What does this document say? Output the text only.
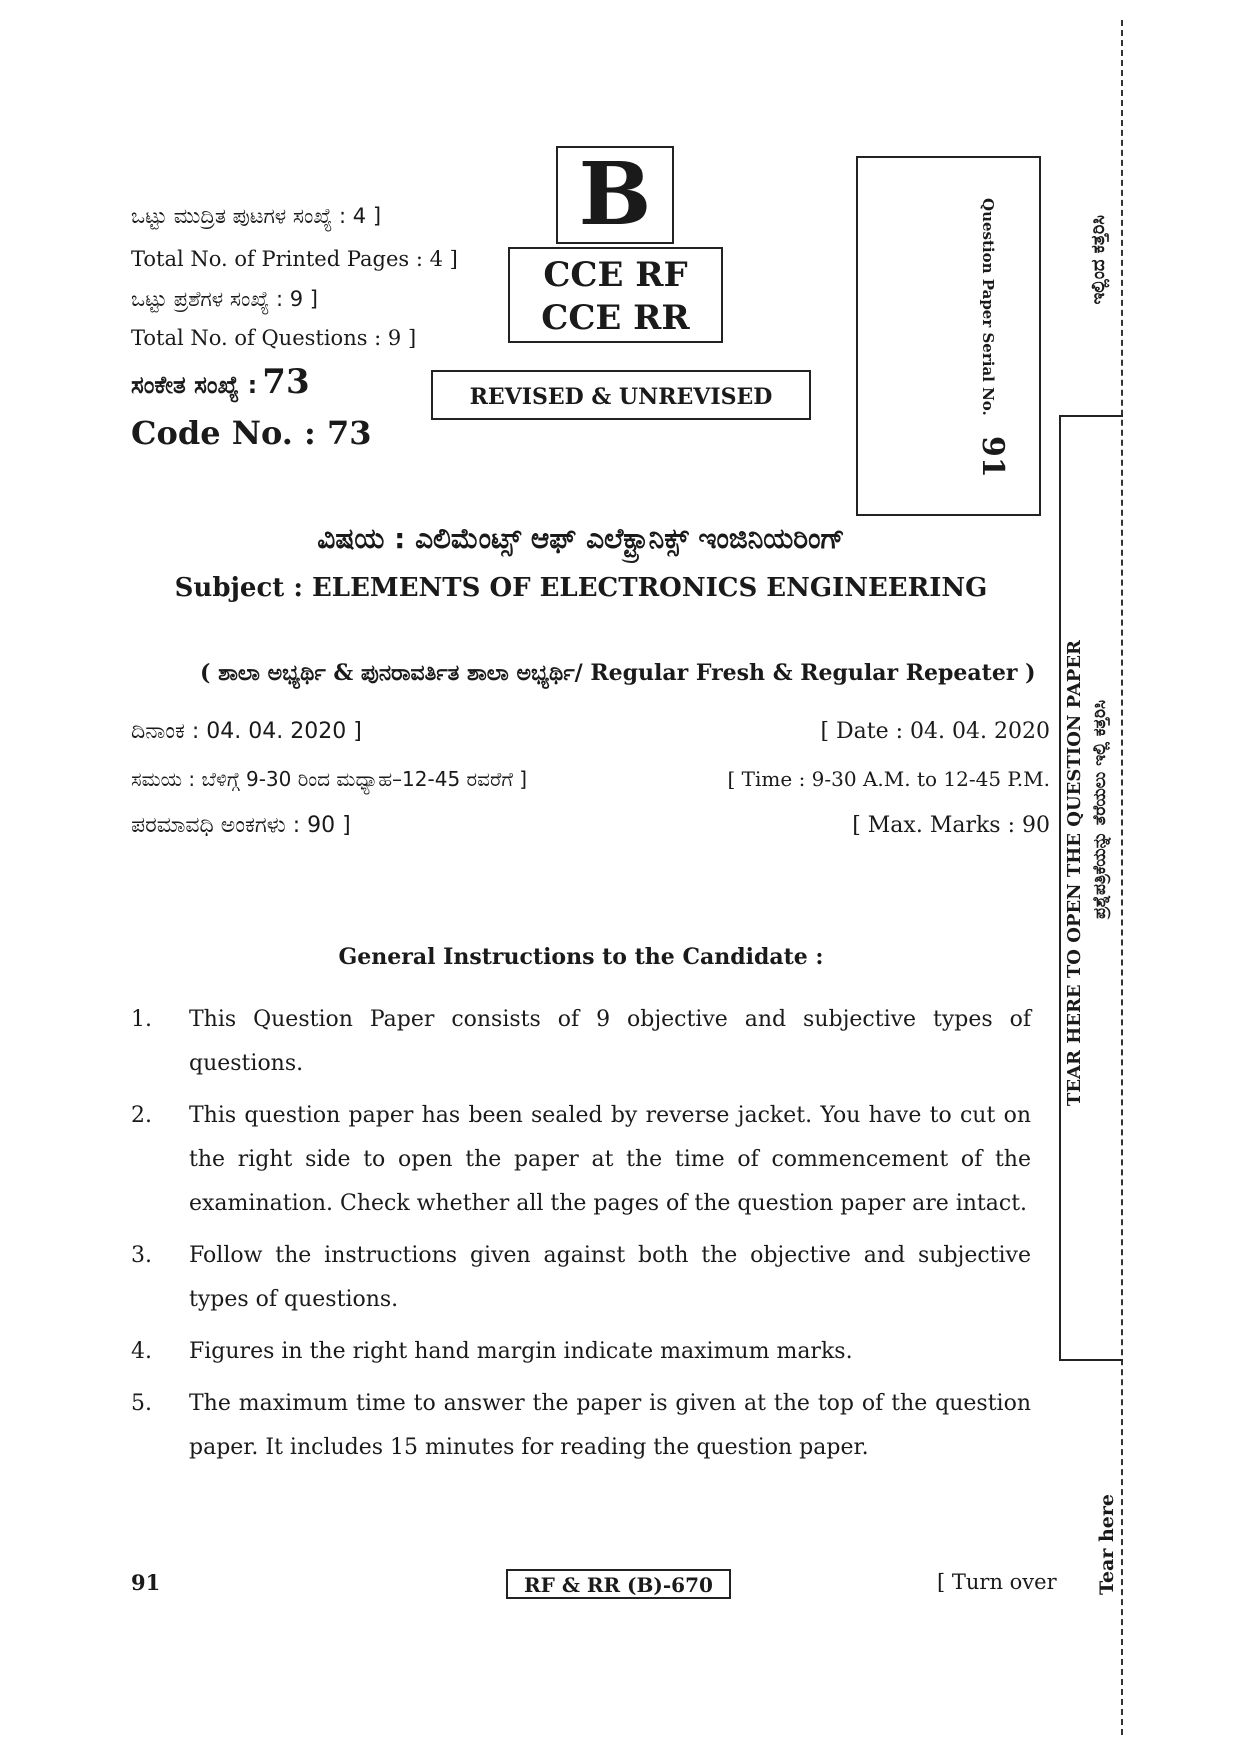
ಒಟ್ಟು ಮುದ್ರಿತ ಪುಟಗಳ ಸಂಖ್ಯೆ : 4 ]
Total No. of Printed Pages : 4 ]
ಒಟ್ಟು ಪ್ರಶೆಗಳ ಸಂಖ್ಯೆ : 9 ]
Total No. of Questions : 9 ]
ಸಂಕೇತ ಸಂಖ್ಯೆ : 73
Code No. : 73
B
CCE RF
CCE RR
REVISED & UNREVISED	Question Paper Serial No.
91
ವಿಷಯ : ಎಲಿಮೆಂಟ್ಸ್ ಆಫ್ ಎಲೆಕ್ಟ್ರಾನಿಕ್ಸ್ ಇಂಜಿನಿಯರಿಂಗ್
Subject : ELEMENTS OF ELECTRONICS ENGINEERING
( ಶಾಲಾ ಅಭ್ಯರ್ಥಿ & ಪುನರಾವರ್ತಿತ ಶಾಲಾ ಅಭ್ಯರ್ಥಿ/ Regular Fresh & Regular Repeater )
ದಿನಾಂಕ : 04. 04. 2020 ]	[ Date : 04. 04. 2020
ಸಮಯ : ಬೆಳಿಗ್ಗೆ 9-30 ರಿಂದ ಮಧ್ಯಾಹ–12-45 ರವರೆಗೆ ]	[ Time : 9-30 A.M. to 12-45 P.M.
ಪರಮಾವಧಿ ಅಂಕಗಳು : 90 ]	[ Max. Marks : 90
General Instructions to the Candidate :
1. This Question Paper consists of 9 objective and subjective types of questions.
2. This question paper has been sealed by reverse jacket. You have to cut on the right side to open the paper at the time of commencement of the examination. Check whether all the pages of the question paper are intact.
3. Follow the instructions given against both the objective and subjective types of questions.
4. Figures in the right hand margin indicate maximum marks.
5. The maximum time to answer the paper is given at the top of the question paper. It includes 15 minutes for reading the question paper.
91	RF & RR (B)-670	[ Turn over
ಇಲ್ಲಿಂದ ಕತ್ತರಿಸಿ
TEAR HERE TO OPEN THE QUESTION PAPER ಪ್ರಶ್ನೆಪತ್ರಿಕೆಯನ್ನು ತೆರೆಯಲು ಇಲ್ಲಿ ಕತ್ತರಿಸಿ
Tear here
